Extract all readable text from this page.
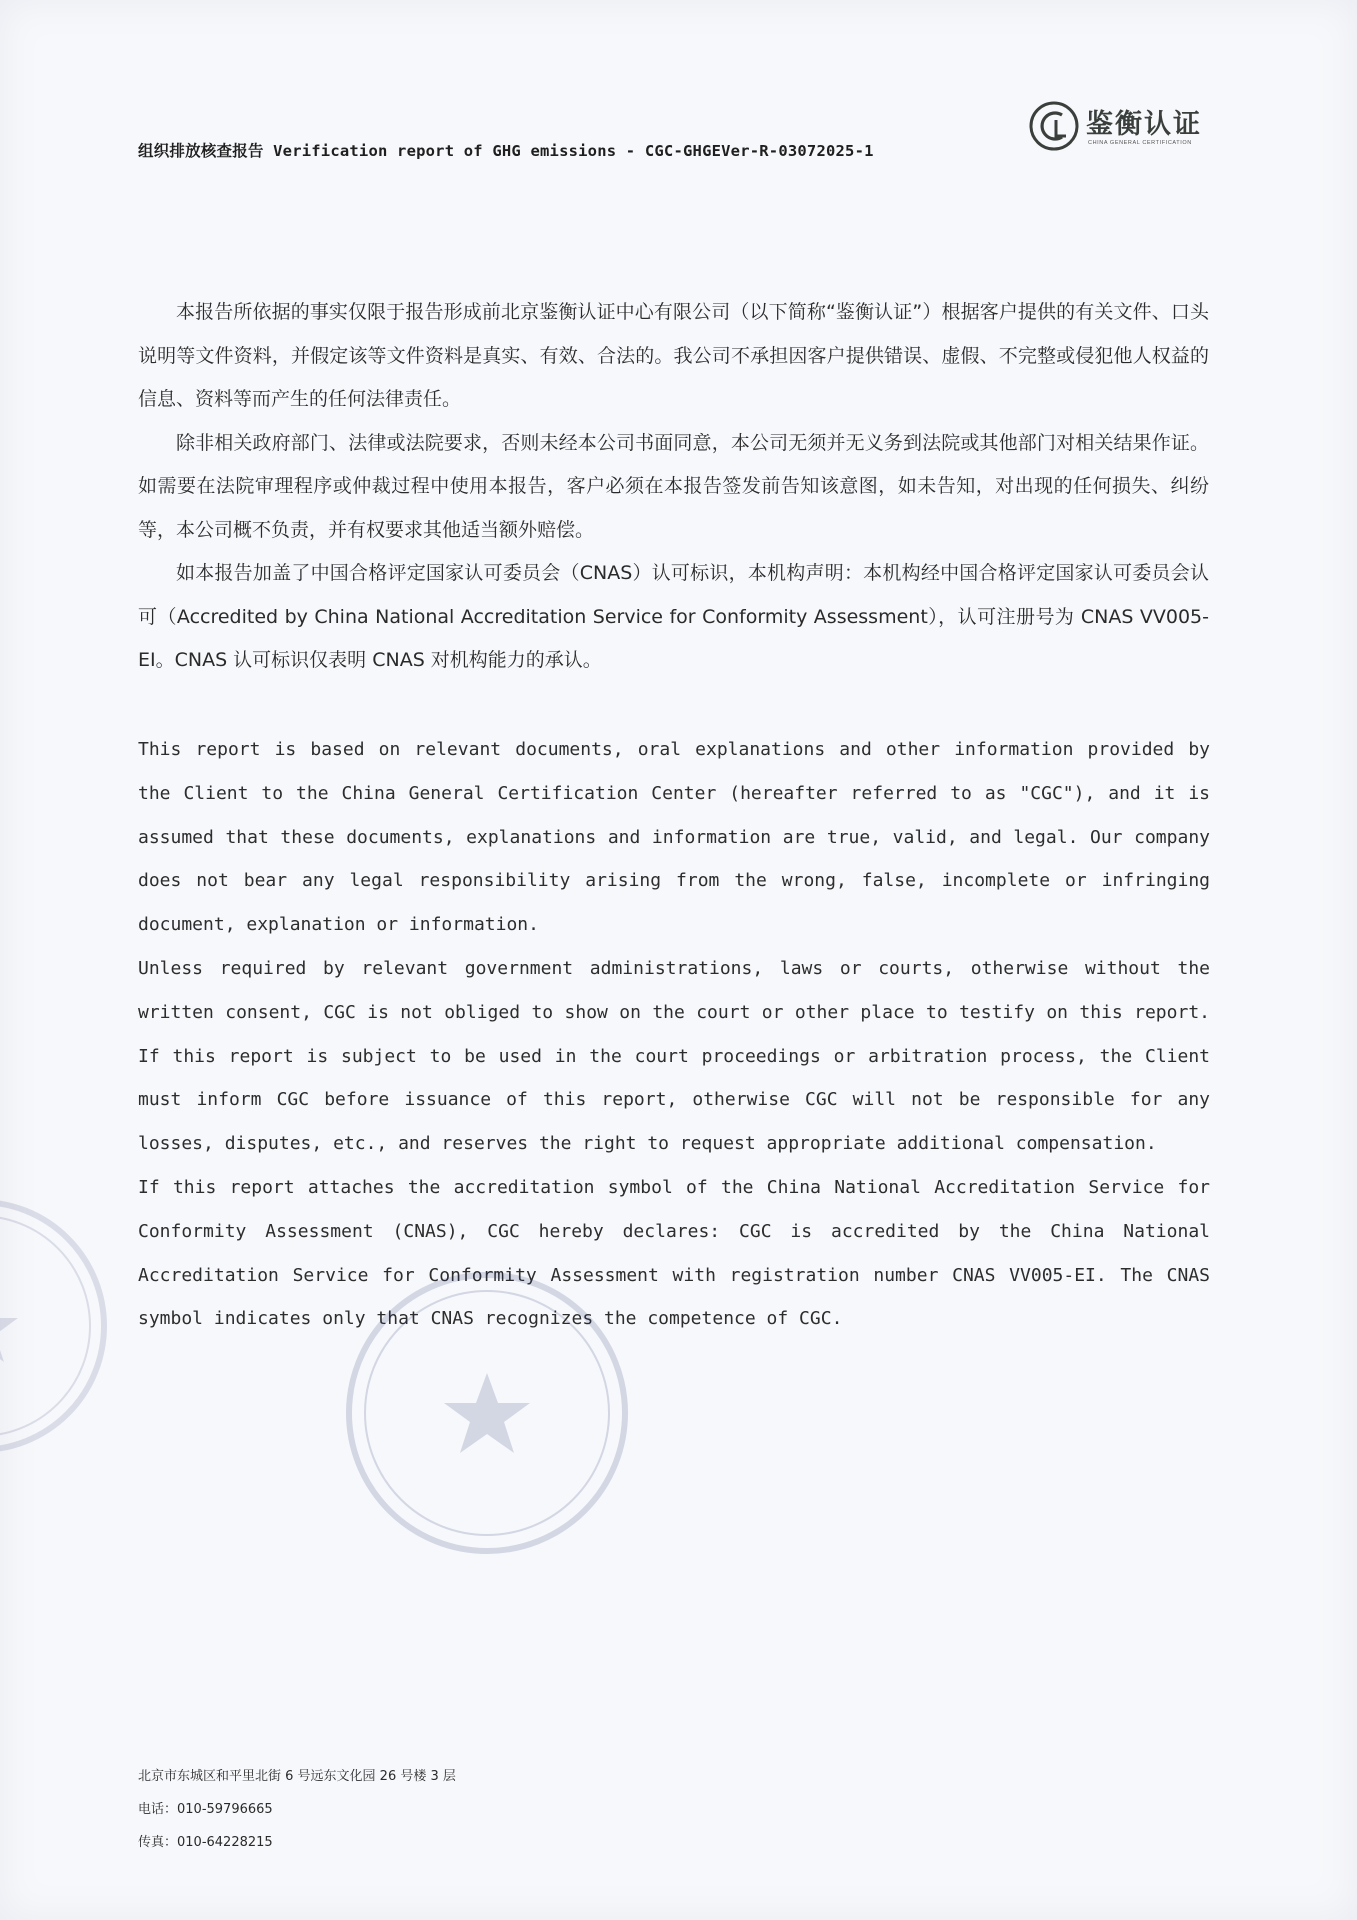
组织排放核查报告 Verification report of GHG emissions - CGC-GHGEVer-R-03072025-1
鉴衡认证
CHINA GENERAL CERTIFICATION

本报告所依据的事实仅限于报告形成前北京鉴衡认证中心有限公司（以下简称“鉴衡认证”）根据客户提供的有关文件、口头说明等文件资料，并假定该等文件资料是真实、有效、合法的。我公司不承担因客户提供错误、虚假、不完整或侵犯他人权益的信息、资料等而产生的任何法律责任。

除非相关政府部门、法律或法院要求，否则未经本公司书面同意，本公司无须并无义务到法院或其他部门对相关结果作证。如需要在法院审理程序或仲裁过程中使用本报告，客户必须在本报告签发前告知该意图，如未告知，对出现的任何损失、纠纷等，本公司概不负责，并有权要求其他适当额外赔偿。

如本报告加盖了中国合格评定国家认可委员会（CNAS）认可标识，本机构声明：本机构经中国合格评定国家认可委员会认可（Accredited by China National Accreditation Service for Conformity Assessment），认可注册号为 CNAS VV005-EI。CNAS 认可标识仅表明 CNAS 对机构能力的承认。

This report is based on relevant documents, oral explanations and other information provided by the Client to the China General Certification Center (hereafter referred to as "CGC"), and it is assumed that these documents, explanations and information are true, valid, and legal. Our company does not bear any legal responsibility arising from the wrong, false, incomplete or infringing document, explanation or information.

Unless required by relevant government administrations, laws or courts, otherwise without the written consent, CGC is not obliged to show on the court or other place to testify on this report. If this report is subject to be used in the court proceedings or arbitration process, the Client must inform CGC before issuance of this report, otherwise CGC will not be responsible for any losses, disputes, etc., and reserves the right to request appropriate additional compensation.

If this report attaches the accreditation symbol of the China National Accreditation Service for Conformity Assessment (CNAS), CGC hereby declares: CGC is accredited by the China National Accreditation Service for Conformity Assessment with registration number CNAS VV005-EI. The CNAS symbol indicates only that CNAS recognizes the competence of CGC.

北京市东城区和平里北街 6 号远东文化园 26 号楼 3 层
电话：010-59796665
传真：010-64228215
